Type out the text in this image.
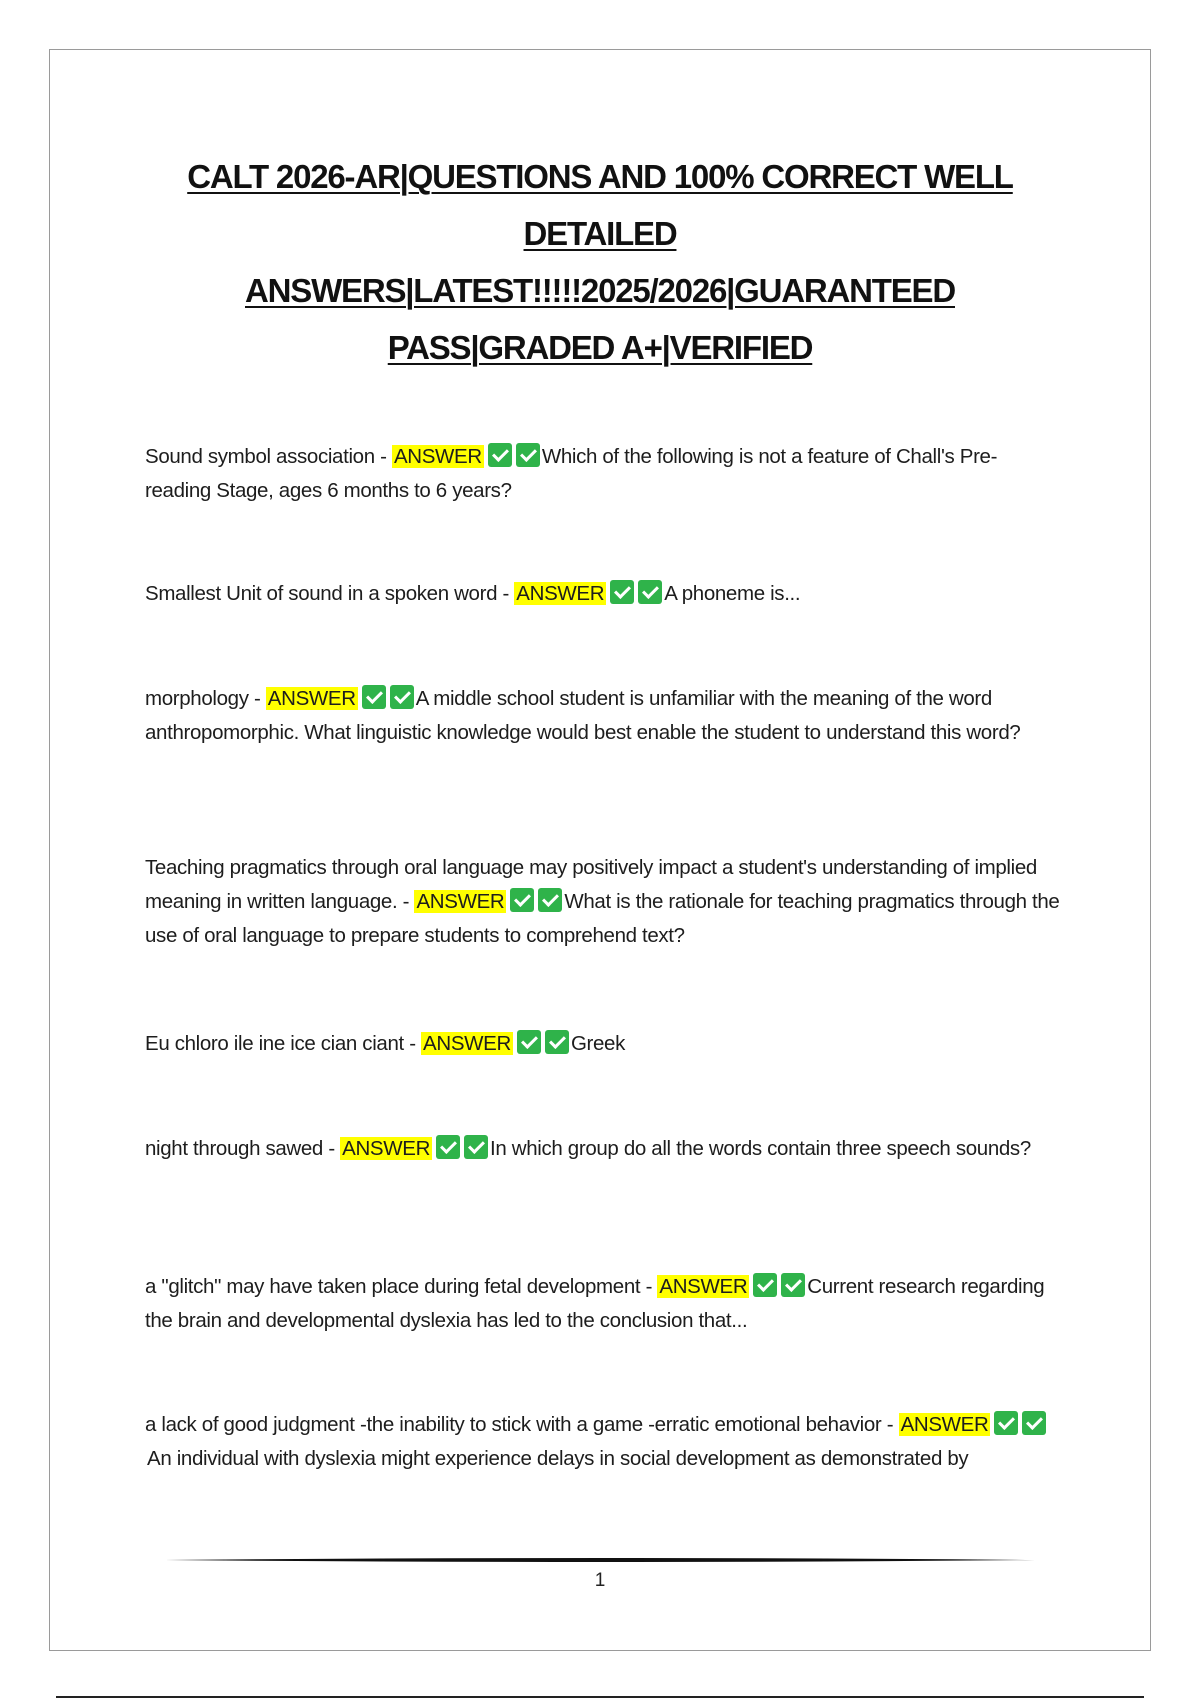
CALT 2026-AR|QUESTIONS AND 100% CORRECT WELL
DETAILED
ANSWERS|LATEST!!!!!2025/2026|GUARANTEED
PASS|GRADED A+|VERIFIED
Sound symbol association - ANSWER	Which of the following is not a feature of Chall's Pre-reading Stage, ages 6 months to 6 years?
Smallest Unit of sound in a spoken word - ANSWER	A phoneme is...
morphology - ANSWER	A middle school student is unfamiliar with the meaning of the word anthropomorphic. What linguistic knowledge would best enable the student to understand this word?
Teaching pragmatics through oral language may positively impact a student's understanding of implied meaning in written language. - ANSWER	What is the rationale for teaching pragmatics through the use of oral language to prepare students to comprehend text?
Eu chloro ile ine ice cian ciant - ANSWER	Greek
night through sawed - ANSWER	In which group do all the words contain three speech sounds?
a "glitch" may have taken place during fetal development - ANSWER	Current research regarding the brain and developmental dyslexia has led to the conclusion that...
a lack of good judgment -the inability to stick with a game -erratic emotional behavior - ANSWERAn individual with dyslexia might experience delays in social development as demonstrated by
1
